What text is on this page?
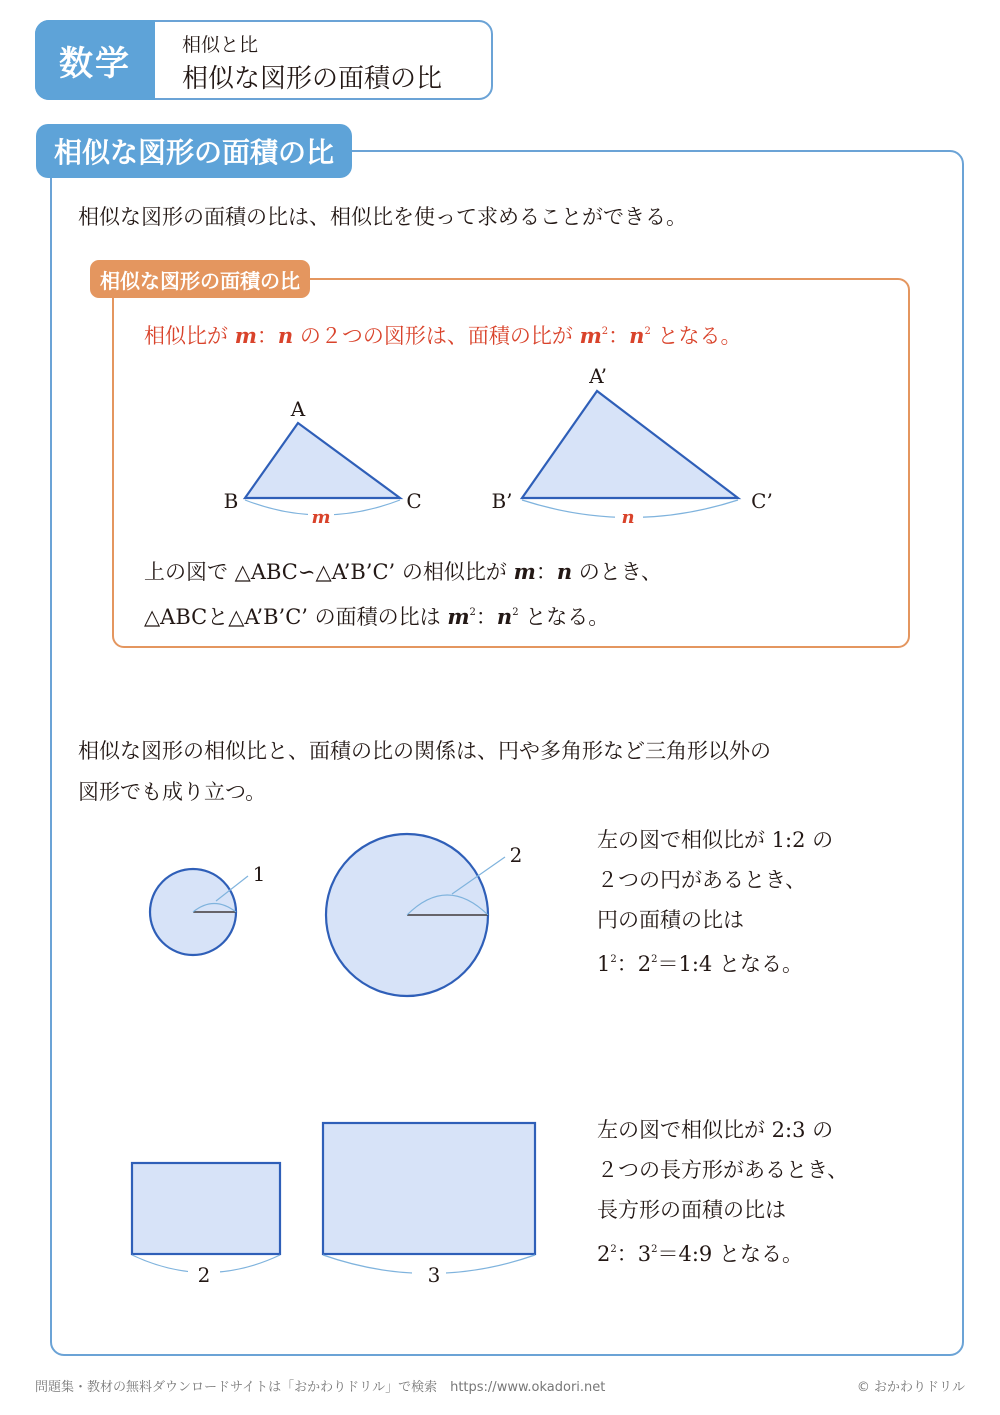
数学	相似と比
相似な図形の面積の比
相似な図形の面積の比
相似な図形の面積の比は、相似比を使って求めることができる。
相似な図形の面積の比
相似比が m：n の２つの図形は、面積の比が $m^2$：$n^2$ となる。
A
B	C
m
A’
B’	C’
n
1
2
2	3
上の図で △ABC∽△A’B’C’ の相似比が m：n のとき、
△ABCと△A’B’C’ の面積の比は $m^2$：$n^2$ となる。
相似な図形の相似比と、面積の比の関係は、円や多角形など三角形以外の
図形でも成り立つ。
左の図で相似比が 1:2 の
２つの円があるとき、
円の面積の比は
$1^2$：$2^2=1:4$ となる。
左の図で相似比が 2:3 の
２つの長方形があるとき、
長方形の面積の比は
$2^2$：$3^2=4:9$ となる。
問題集・教材の無料ダウンロードサイトは「おかわりドリル」で検索　https://www.okadori.net	© おかわりドリル
